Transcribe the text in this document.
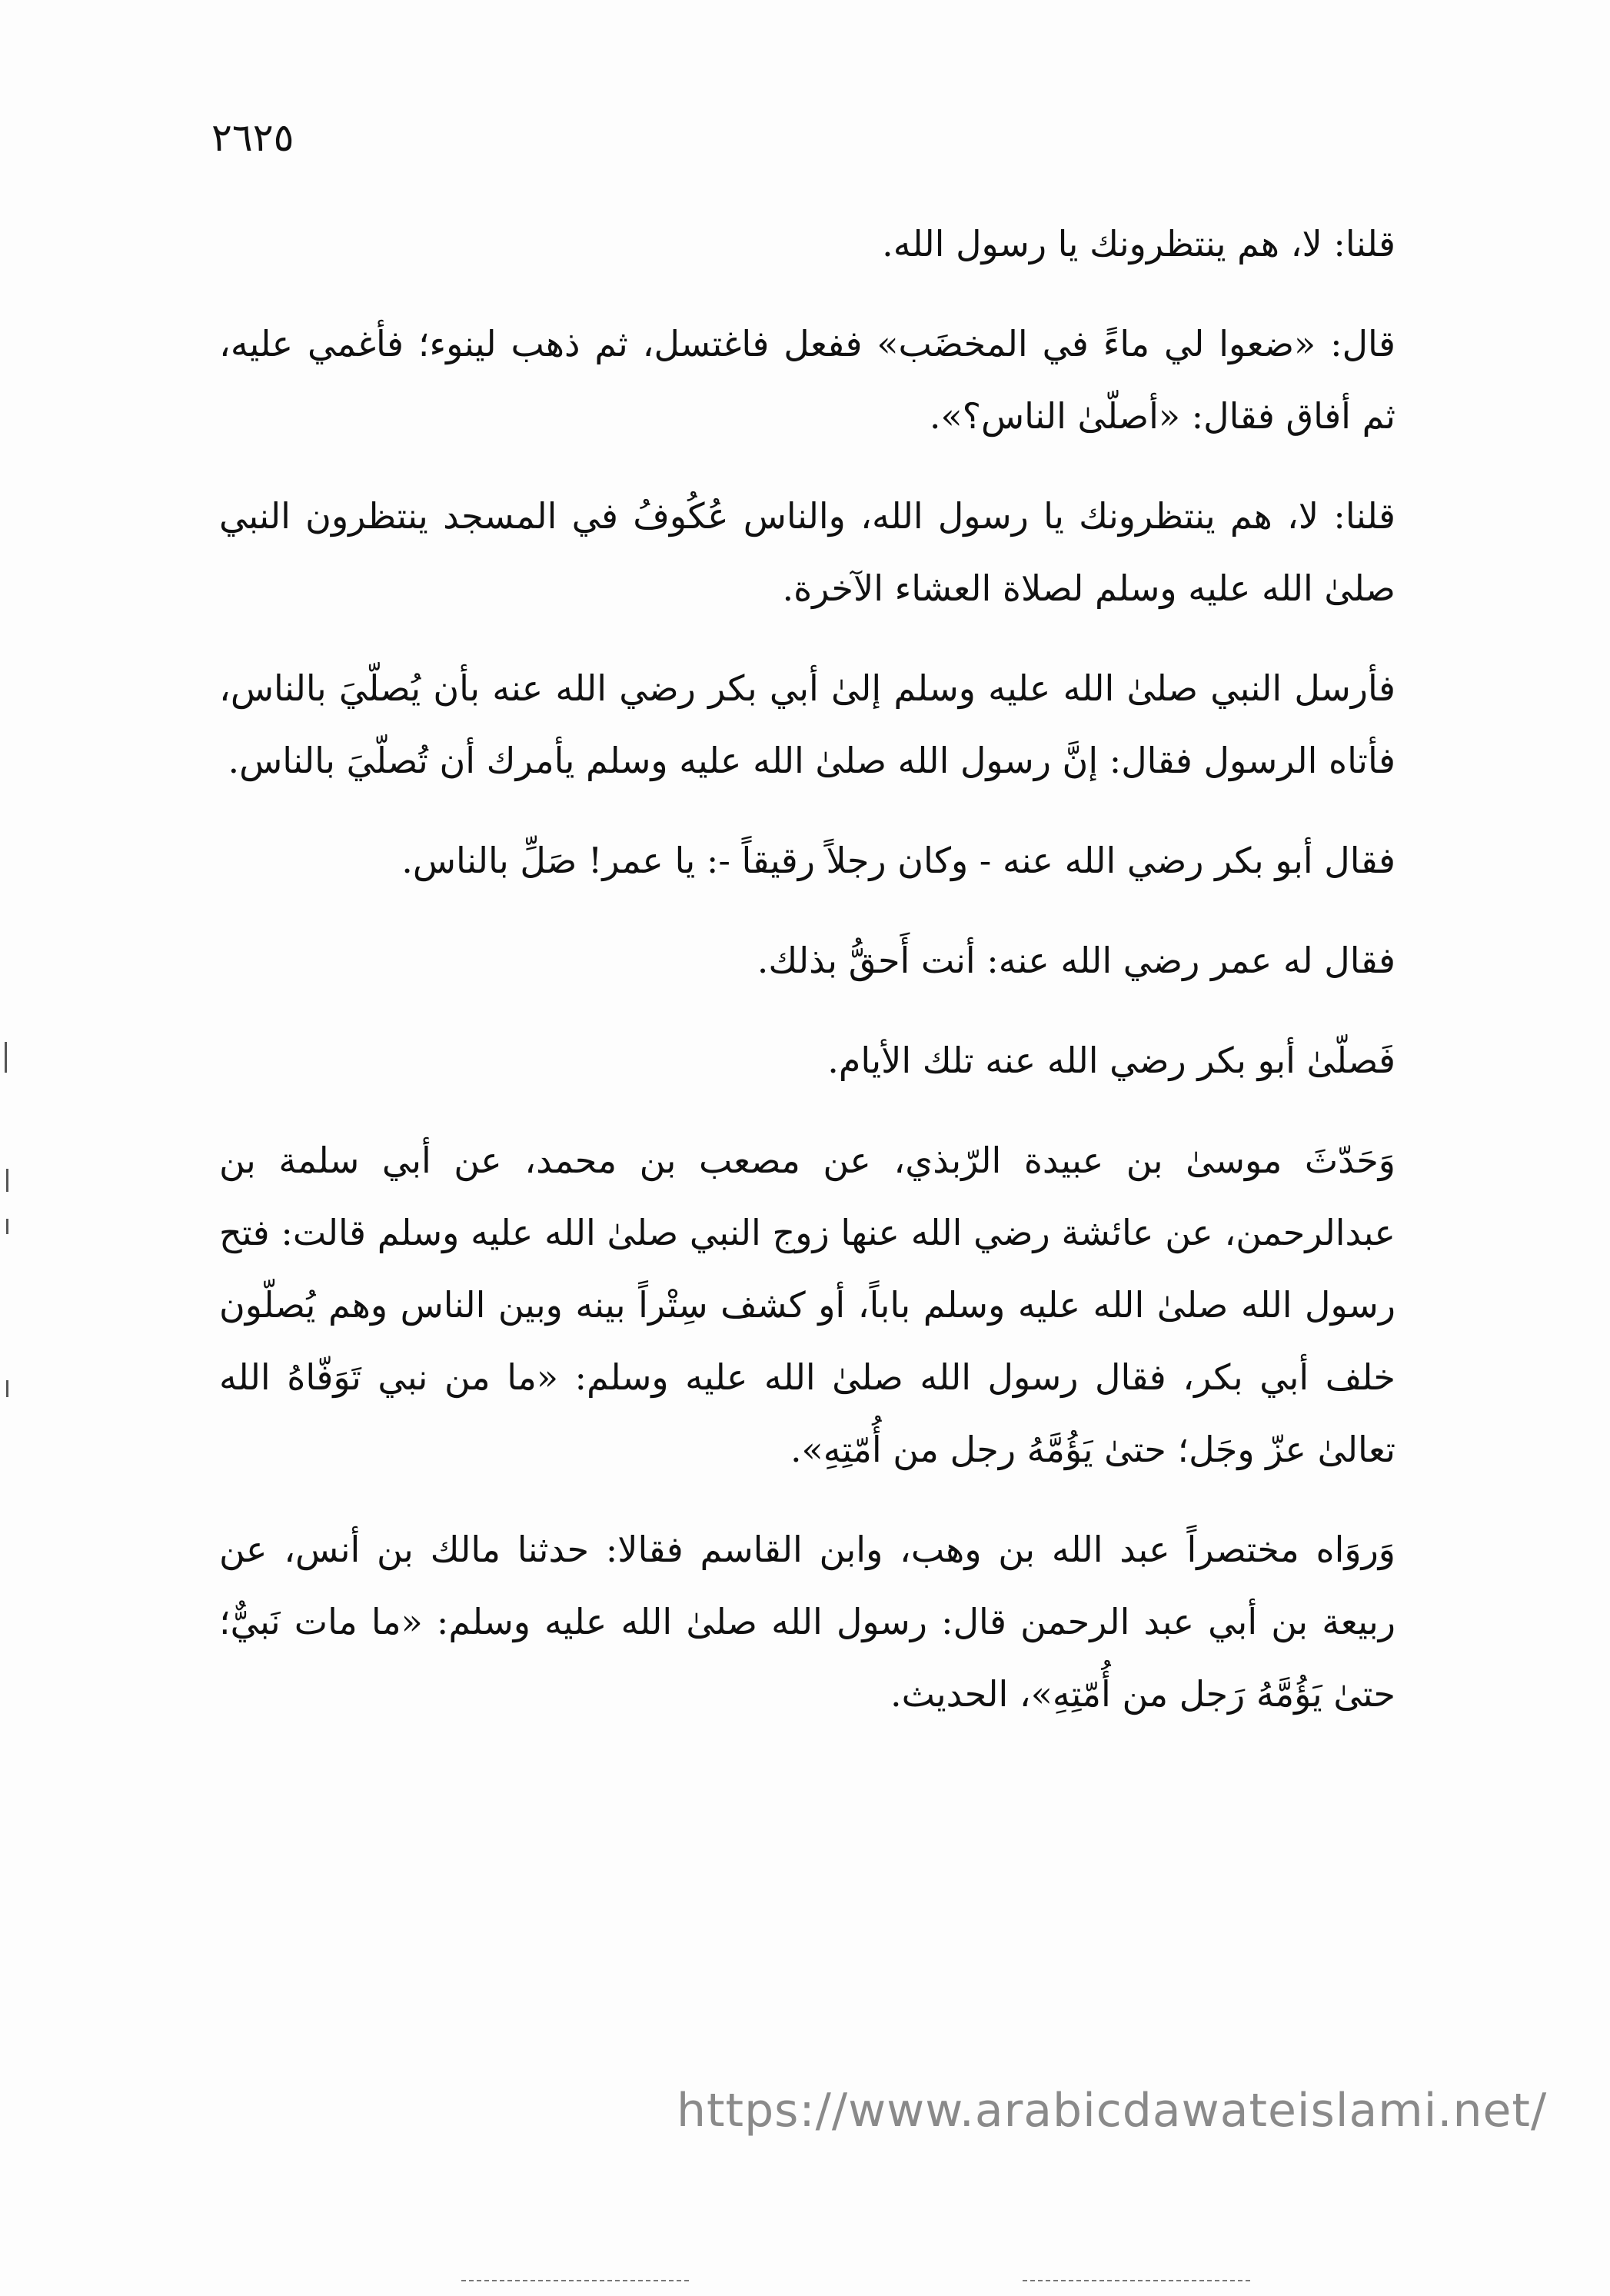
٢٦٢٥

قلنا: لا، هم ينتظرونك يا رسول الله.

قال: «ضعوا لي ماءً في المخضَب» ففعل فاغتسل، ثم ذهب لينوء؛ فأغمي عليه، ثم أفاق فقال: «أصلّىٰ الناس؟».

قلنا: لا، هم ينتظرونك يا رسول الله، والناس عُكُوفُ في المسجد ينتظرون النبي صلىٰ الله عليه وسلم لصلاة العشاء الآخرة.

فأرسل النبي صلىٰ الله عليه وسلم إلىٰ أبي بكر رضي الله عنه بأن يُصلّيَ بالناس، فأتاه الرسول فقال: إنَّ رسول الله صلىٰ الله عليه وسلم يأمرك أن تُصلّيَ بالناس.

فقال أبو بكر رضي الله عنه - وكان رجلاً رقيقاً -: يا عمر! صَلِّ بالناس.

فقال له عمر رضي الله عنه: أنت أَحقُّ بذلك.

فَصلّىٰ أبو بكر رضي الله عنه تلك الأيام.

وَحَدّثَ موسىٰ بن عبيدة الرّبذي، عن مصعب بن محمد، عن أبي سلمة بن عبدالرحمن، عن عائشة رضي الله عنها زوج النبي صلىٰ الله عليه وسلم قالت: فتح رسول الله صلىٰ الله عليه وسلم باباً، أو كشف سِتْراً بينه وبين الناس وهم يُصلّون خلف أبي بكر، فقال رسول الله صلىٰ الله عليه وسلم: «ما من نبي تَوَفّاهُ الله تعالىٰ عزّ وجَل؛ حتىٰ يَؤُمَّهُ رجل من أُمّتِهِ».

وَروَاه مختصراً عبد الله بن وهب، وابن القاسم فقالا: حدثنا مالك بن أنس، عن ربيعة بن أبي عبد الرحمن قال: رسول الله صلىٰ الله عليه وسلم: «ما مات نَبيٌّ؛ حتىٰ يَؤُمَّهُ رَجل من أُمّتِهِ»، الحديث.

https://www.arabicdawateislami.net/
